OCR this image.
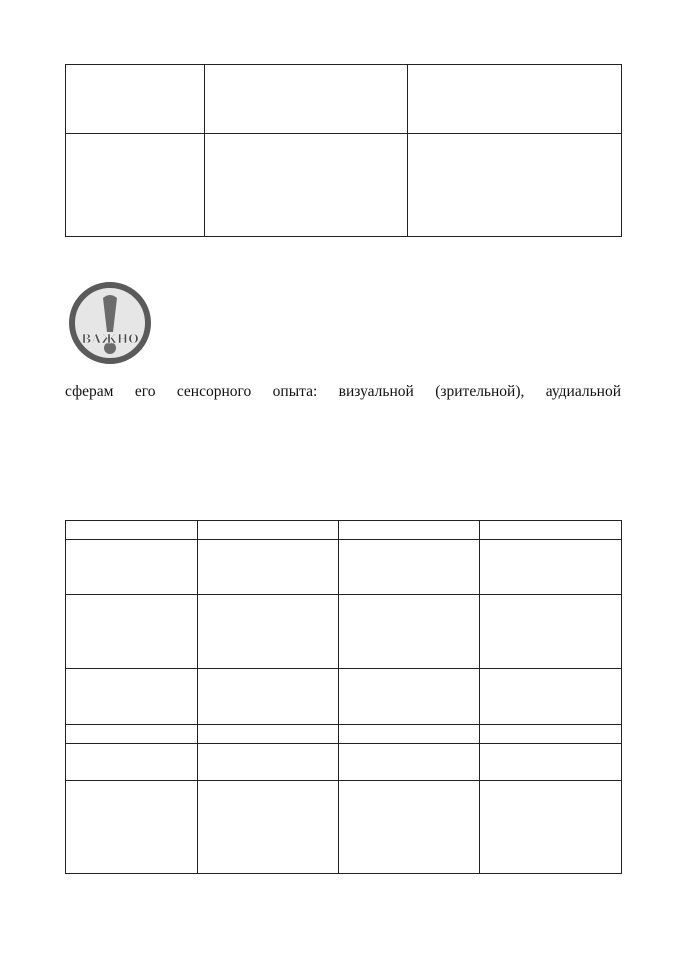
ВАЖНО
сферам его сенсорного опыта: визуальной (зрительной), аудиальной
